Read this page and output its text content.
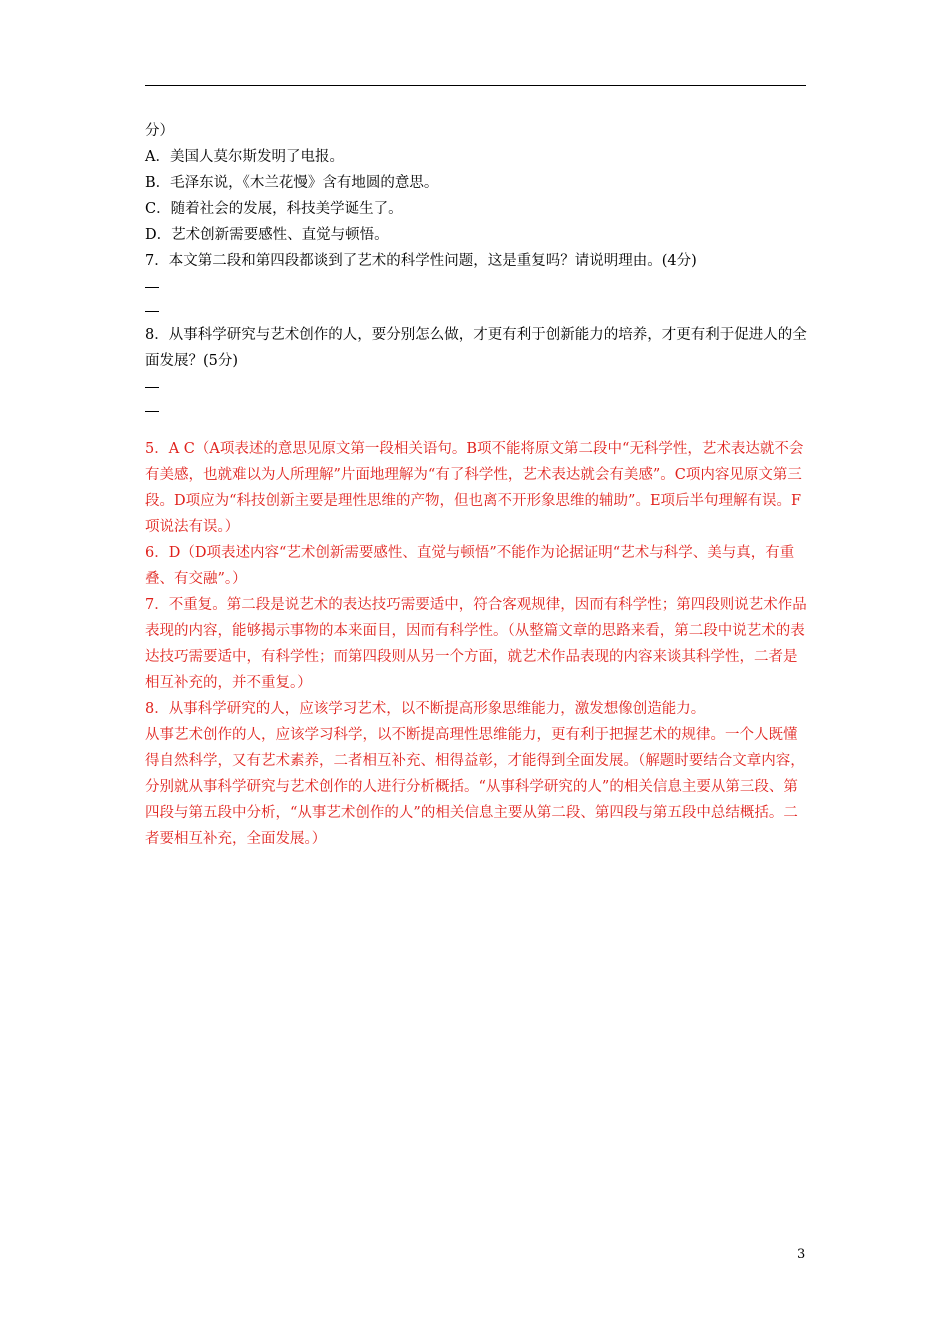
分）

A．美国人莫尔斯发明了电报。

B．毛泽东说，《木兰花慢》含有地圆的意思。

C．随着社会的发展，科技美学诞生了。

D．艺术创新需要感性、直觉与顿悟。

7．本文第二段和第四段都谈到了艺术的科学性问题，这是重复吗？请说明理由。(4分)

8．从事科学研究与艺术创作的人，要分别怎么做，才更有利于创新能力的培养，才更有利于促进人的全面发展？(5分)

5．A C（A项表述的意思见原文第一段相关语句。B项不能将原文第二段中“无科学性，艺术表达就不会有美感，也就难以为人所理解”片面地理解为“有了科学性，艺术表达就会有美感”。C项内容见原文第三段。D项应为“科技创新主要是理性思维的产物，但也离不开形象思维的辅助”。E项后半句理解有误。F项说法有误。）

6．D（D项表述内容“艺术创新需要感性、直觉与顿悟”不能作为论据证明“艺术与科学、美与真，有重叠、有交融”。）

7．不重复。第二段是说艺术的表达技巧需要适中，符合客观规律，因而有科学性；第四段则说艺术作品表现的内容，能够揭示事物的本来面目，因而有科学性。（从整篇文章的思路来看，第二段中说艺术的表达技巧需要适中，有科学性；而第四段则从另一个方面，就艺术作品表现的内容来谈其科学性，二者是相互补充的，并不重复。）

8．从事科学研究的人，应该学习艺术，以不断提高形象思维能力，激发想像创造能力。

从事艺术创作的人，应该学习科学，以不断提高理性思维能力，更有利于把握艺术的规律。一个人既懂得自然科学，又有艺术素养，二者相互补充、相得益彰，才能得到全面发展。（解题时要结合文章内容，分别就从事科学研究与艺术创作的人进行分析概括。“从事科学研究的人”的相关信息主要从第三段、第四段与第五段中分析，“从事艺术创作的人”的相关信息主要从第二段、第四段与第五段中总结概括。二者要相互补充，全面发展。）

3
